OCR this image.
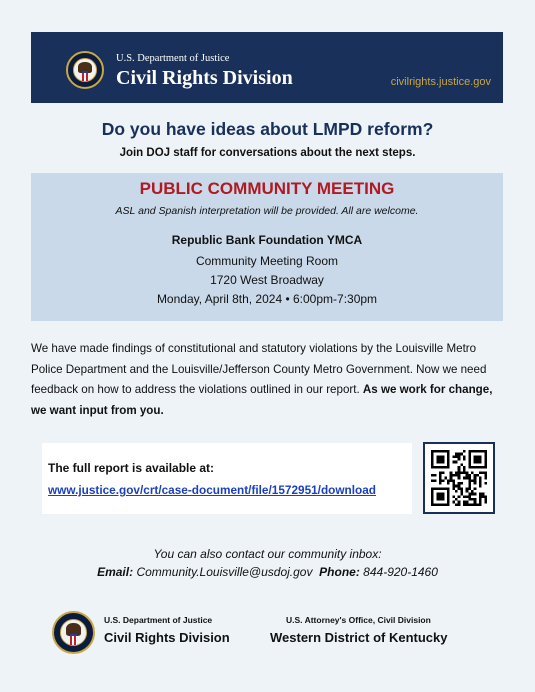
U.S. Department of Justice
Civil Rights Division	civilrights.justice.gov
Do you have ideas about LMPD reform?
Join DOJ staff for conversations about the next steps.
PUBLIC COMMUNITY MEETING
ASL and Spanish interpretation will be provided. All are welcome.
Republic Bank Foundation YMCA
Community Meeting Room
1720 West Broadway
Monday, April 8th, 2024 • 6:00pm-7:30pm

We have made findings of constitutional and statutory violations by the Louisville Metro Police Department and the Louisville/Jefferson County Metro Government. Now we need feedback on how to address the violations outlined in our report. As we work for change, we want input from you.

The full report is available at:
www.justice.gov/crt/case-document/file/1572951/download
You can also contact our community inbox:
Email: Community.Louisville@usdoj.gov Phone: 844-920-1460
U.S. Department of Justice
Civil Rights Division
U.S. Attorney's Office, Civil Division
Western District of Kentucky
